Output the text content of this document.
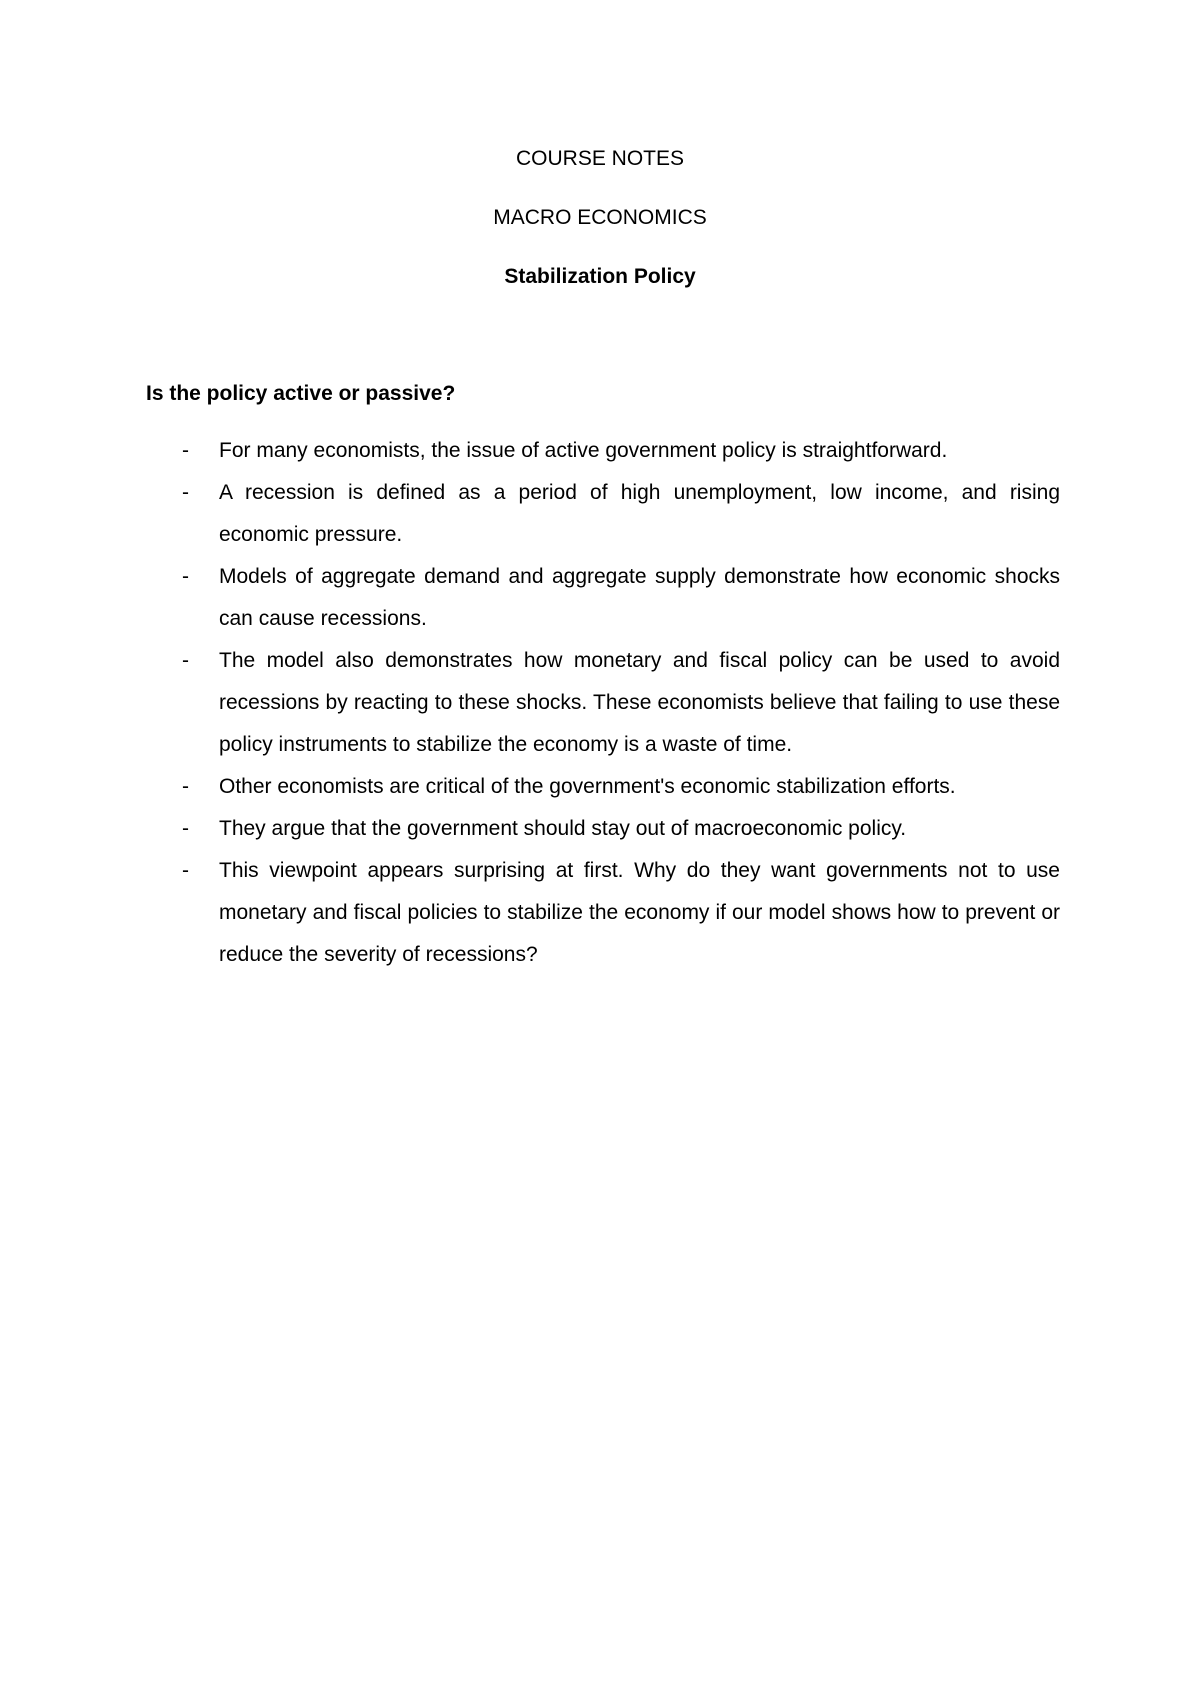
COURSE NOTES
MACRO ECONOMICS
Stabilization Policy
Is the policy active or passive?
-	For many economists, the issue of active government policy is straightforward.
-	A recession is defined as a period of high unemployment, low income, and rising economic pressure.
-	Models of aggregate demand and aggregate supply demonstrate how economic shocks can cause recessions.
-	The model also demonstrates how monetary and fiscal policy can be used to avoid recessions by reacting to these shocks. These economists believe that failing to use these policy instruments to stabilize the economy is a waste of time.
-	Other economists are critical of the government's economic stabilization efforts.
-	They argue that the government should stay out of macroeconomic policy.
-	This viewpoint appears surprising at first. Why do they want governments not to use monetary and fiscal policies to stabilize the economy if our model shows how to prevent or reduce the severity of recessions?
